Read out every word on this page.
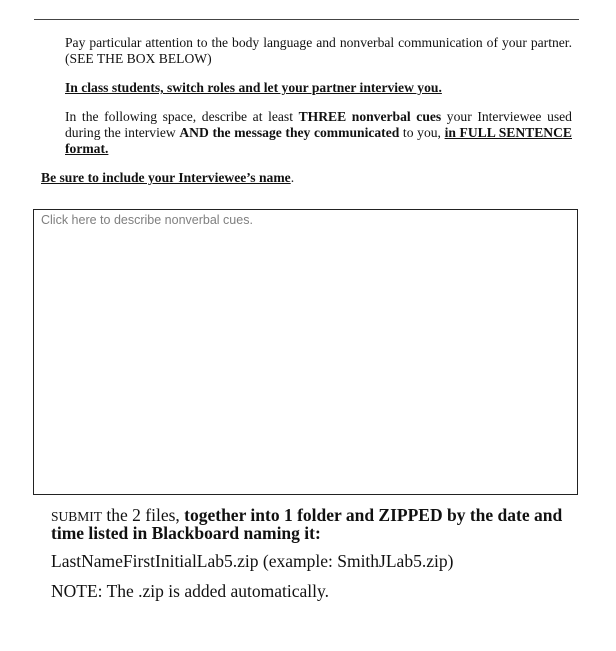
Pay particular attention to the body language and nonverbal communication of your partner. (SEE THE BOX BELOW)
In class students, switch roles and let your partner interview you.
In the following space, describe at least THREE nonverbal cues your Interviewee used during the interview AND the message they communicated to you, in FULL SENTENCE format.
Be sure to include your Interviewee’s name.
Click here to describe nonverbal cues.
SUBMIT the 2 files, together into 1 folder and ZIPPED by the date and time listed in Blackboard naming it:
LastNameFirstInitialLab5.zip (example: SmithJLab5.zip)
NOTE: The .zip is added automatically.
